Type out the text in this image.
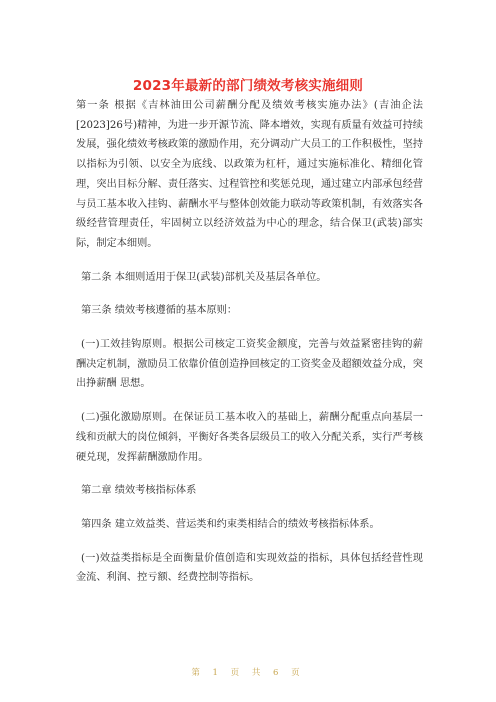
2023年最新的部门绩效考核实施细则

第一条 根据《吉林油田公司薪酬分配及绩效考核实施办法》(吉油企法[2023]26号)精神，为进一步开源节流、降本增效，实现有质量有效益可持续发展，强化绩效考核政策的激励作用，充分调动广大员工的工作积极性，坚持以指标为引领、以安全为底线、以政策为杠杆，通过实施标准化、精细化管理，突出目标分解、责任落实、过程管控和奖惩兑现，通过建立内部承包经营与员工基本收入挂钩、薪酬水平与整体创效能力联动等政策机制，有效落实各级经营管理责任，牢固树立以经济效益为中心的理念，结合保卫(武装)部实际，制定本细则。

第二条 本细则适用于保卫(武装)部机关及基层各单位。

第三条 绩效考核遵循的基本原则：

(一)工效挂钩原则。根据公司核定工资奖金额度，完善与效益紧密挂钩的薪酬决定机制，激励员工依靠价值创造挣回核定的工资奖金及超额效益分成，突出挣薪酬 思想。

(二)强化激励原则。在保证员工基本收入的基础上，薪酬分配重点向基层一线和贡献大的岗位倾斜，平衡好各类各层级员工的收入分配关系，实行严考核硬兑现，发挥薪酬激励作用。

第二章 绩效考核指标体系

第四条 建立效益类、营运类和约束类相结合的绩效考核指标体系。

(一)效益类指标是全面衡量价值创造和实现效益的指标，具体包括经营性现金流、利润、控亏额、经费控制等指标。

第 1 页 共 6 页
